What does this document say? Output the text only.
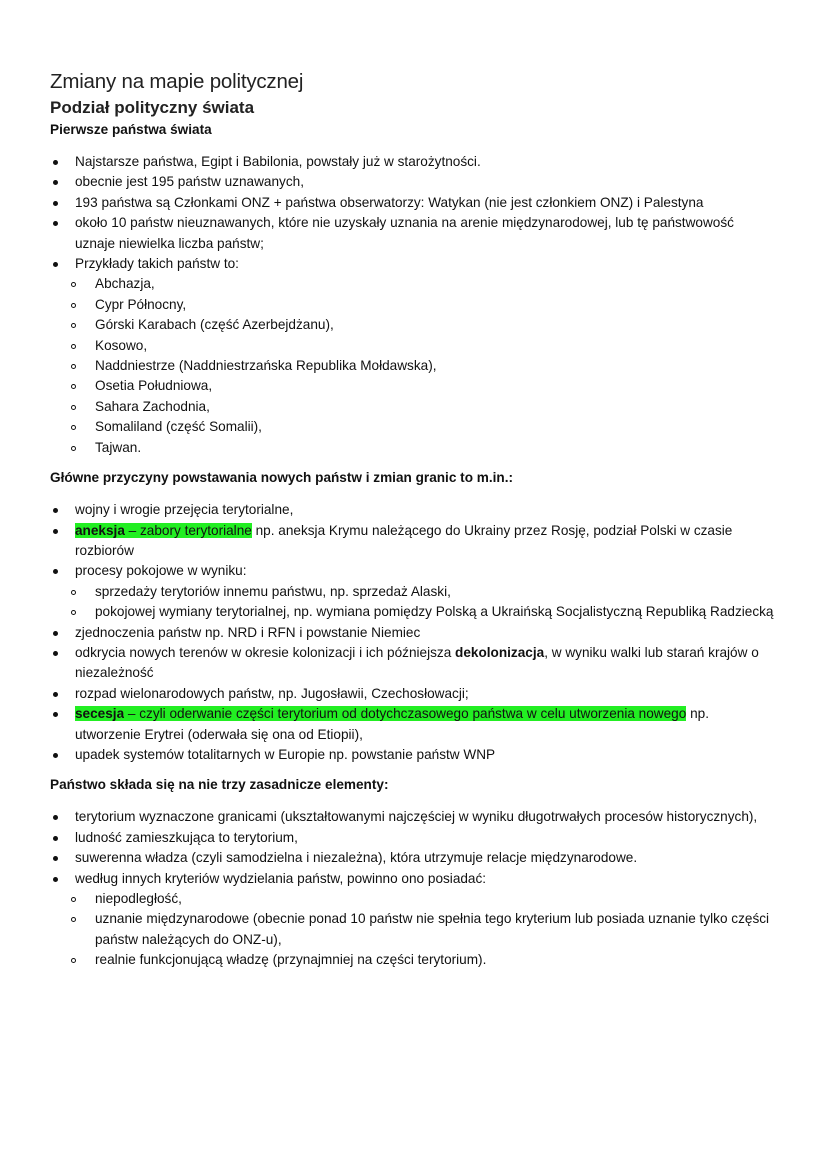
Zmiany na mapie politycznej
Podział polityczny świata
Pierwsze państwa świata
Najstarsze państwa, Egipt i Babilonia, powstały już w starożytności.
obecnie jest 195 państw uznawanych,
193 państwa są Członkami ONZ + państwa obserwatorzy: Watykan (nie jest członkiem ONZ) i Palestyna
około 10 państw nieuznawanych, które nie uzyskały uznania na arenie międzynarodowej, lub tę państwowość uznaje niewielka liczba państw;
Przykłady takich państw to:
Abchazja,
Cypr Północny,
Górski Karabach (część Azerbejdżanu),
Kosowo,
Naddniestrze (Naddniestrzańska Republika Mołdawska),
Osetia Południowa,
Sahara Zachodnia,
Somaliland (część Somalii),
Tajwan.
Główne przyczyny powstawania nowych państw i zmian granic to m.in.:
wojny i wrogie przejęcia terytorialne,
aneksja – zabory terytorialne np. aneksja Krymu należącego do Ukrainy przez Rosję, podział Polski w czasie rozbiorów
procesy pokojowe w wyniku:
sprzedaży terytoriów innemu państwu, np. sprzedaż Alaski,
pokojowej wymiany terytorialnej, np. wymiana pomiędzy Polską a Ukraińską Socjalistyczną Republiką Radziecką
zjednoczenia państw np. NRD i RFN i powstanie Niemiec
odkrycia nowych terenów w okresie kolonizacji i ich późniejsza dekolonizacja, w wyniku walki lub starań krajów o niezależność
rozpad wielonarodowych państw, np. Jugosławii, Czechosłowacji;
secesja – czyli oderwanie części terytorium od dotychczasowego państwa w celu utworzenia nowego np. utworzenie Erytrei (oderwała się ona od Etiopii),
upadek systemów totalitarnych w Europie np. powstanie państw WNP
Państwo składa się na nie trzy zasadnicze elementy:
terytorium wyznaczone granicami (ukształtowanymi najczęściej w wyniku długotrwałych procesów historycznych),
ludność zamieszkująca to terytorium,
suwerenna władza (czyli samodzielna i niezależna), która utrzymuje relacje międzynarodowe.
według innych kryteriów wydzielania państw, powinno ono posiadać:
niepodległość,
uznanie międzynarodowe (obecnie ponad 10 państw nie spełnia tego kryterium lub posiada uznanie tylko części państw należących do ONZ-u),
realnie funkcjonującą władzę (przynajmniej na części terytorium).
